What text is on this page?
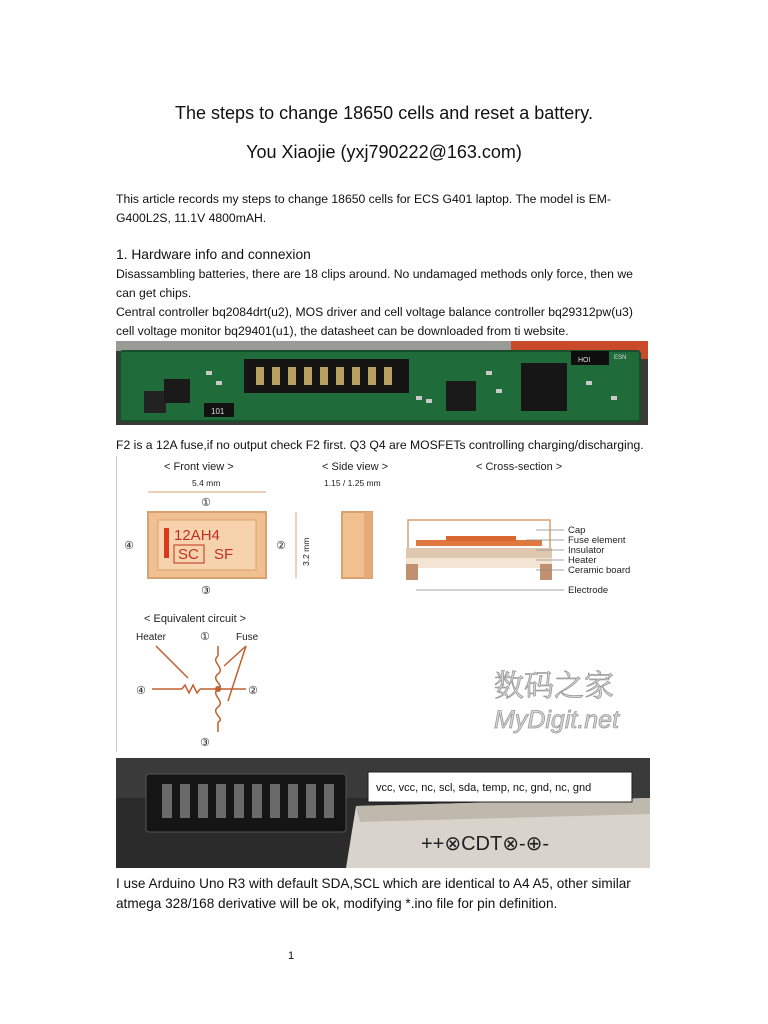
The steps to change 18650 cells and reset a battery.
You Xiaojie (yxj790222@163.com)
This article records my steps to change 18650 cells for ECS G401 laptop. The model is EM-G400L2S, 11.1V 4800mAH.
1. Hardware info and connexion
Disassambling batteries, there are 18 clips around. No undamaged methods only force, then we can get chips.
Central controller bq2084drt(u2), MOS driver and cell voltage balance controller bq29312pw(u3) cell voltage monitor bq29401(u1), the datasheet can be downloaded from ti website.
101
HOI	ESN
F2 is a 12A fuse,if no output check F2 first. Q3 Q4 are MOSFETs controlling charging/discharging.
< Front view >	< Side view >	< Cross-section >
5.4 mm	1.15 / 1.25 mm
①
12AH4
SC SF
④	②
③
3.2 mm
Cap
Fuse element
Insulator
Heater
Ceramic board
Electrode
< Equivalent circuit >
Heater	Fuse
①
④	②
③
数码之家
MyDigit.net
++⊗CDT⊗-⊕-
vcc, vcc, nc, scl, sda, temp, nc, gnd, nc, gnd
I use Arduino Uno R3 with default SDA,SCL which are identical to A4 A5, other similar atmega 328/168 derivative will be ok, modifying *.ino file for pin definition.
1
